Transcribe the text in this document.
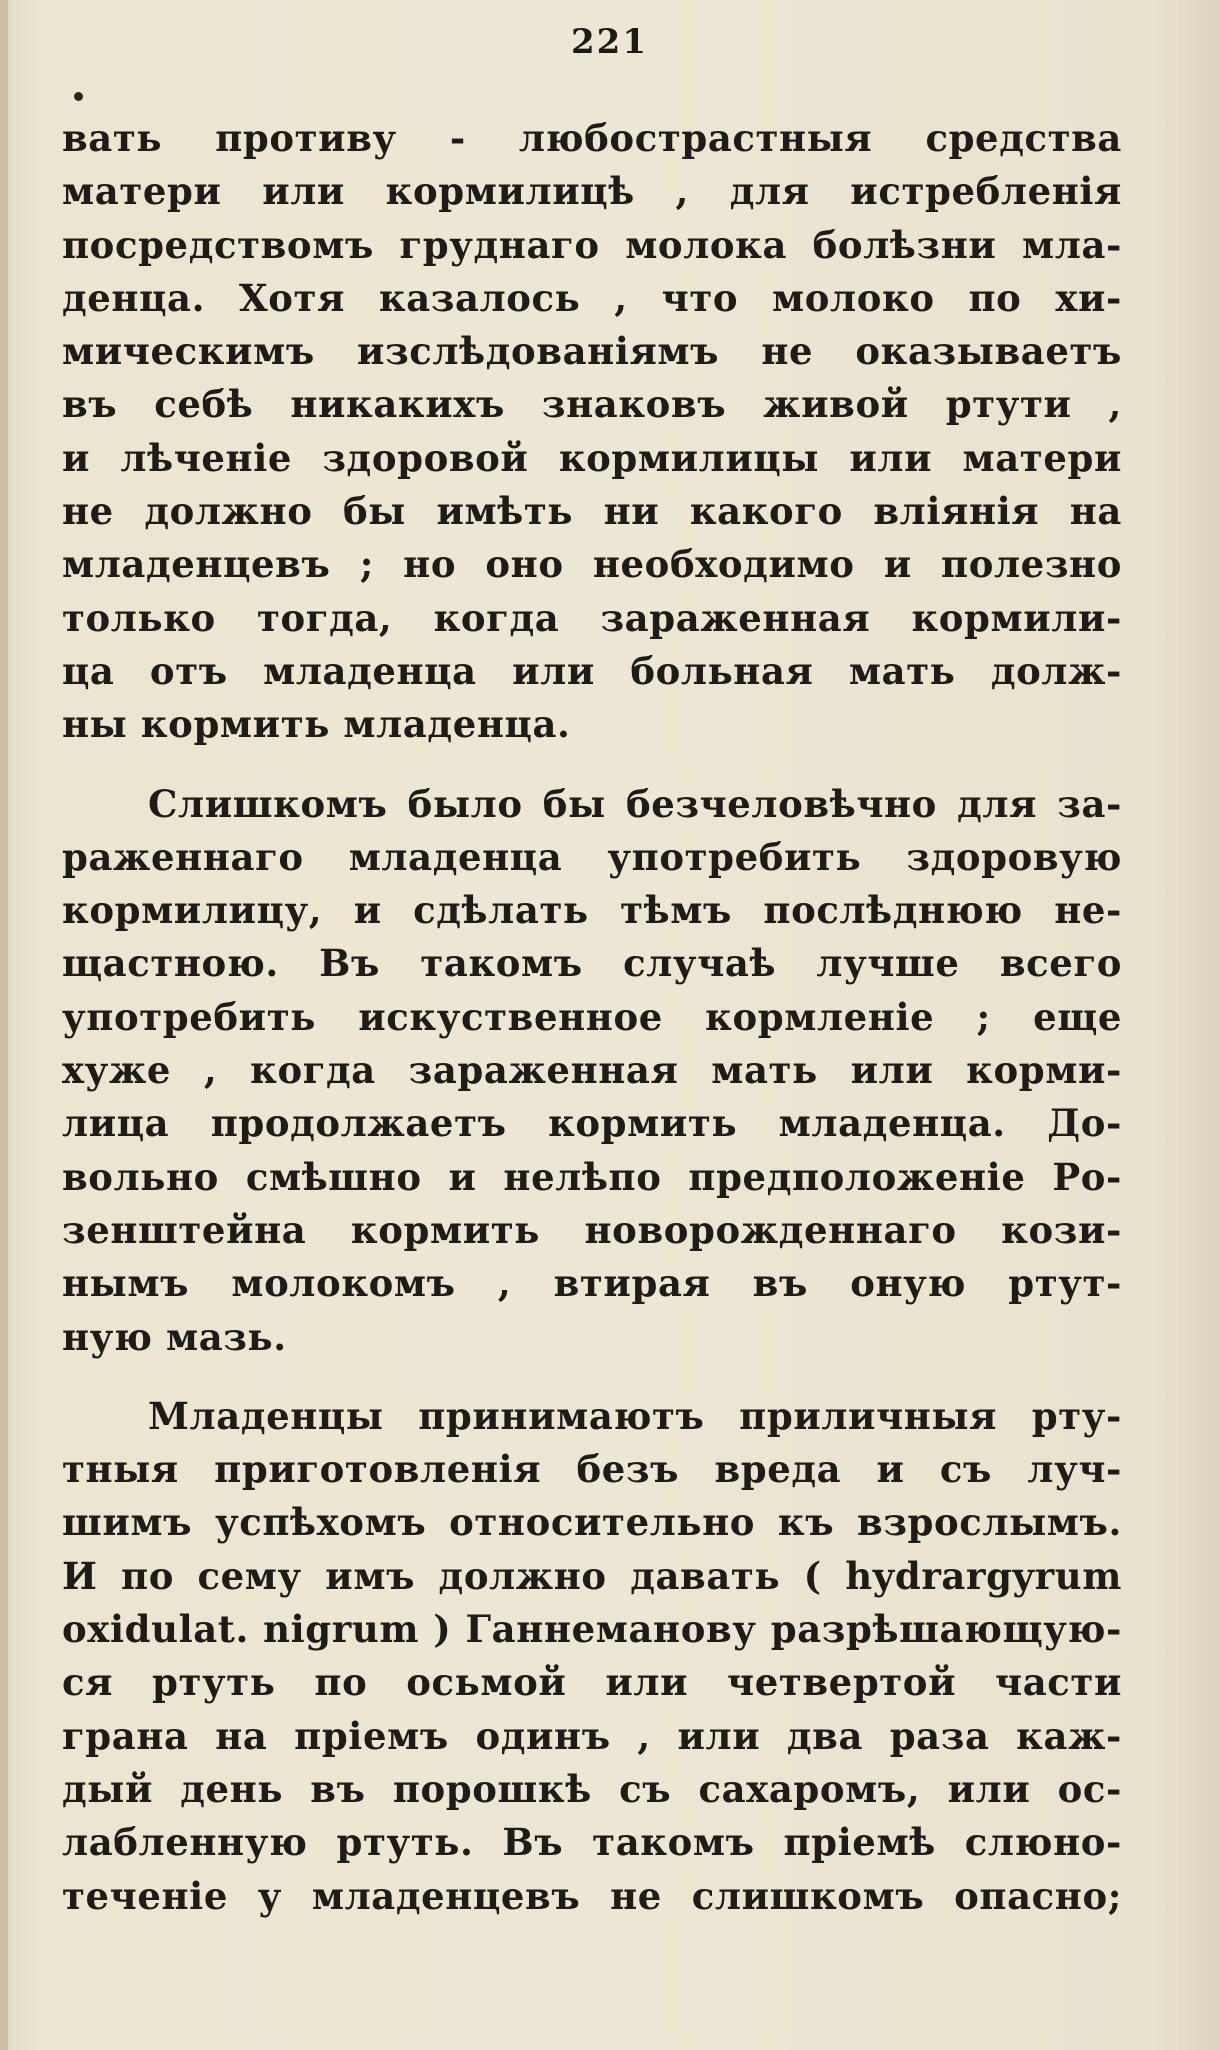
221
вать противу - любострастныя средства
матери или кормилицѣ , для истребленія
посредствомъ груднаго молока болѣзни мла-
денца. Хотя казалось , что молоко по хи-
мическимъ изслѣдованіямъ не оказываетъ
въ себѣ никакихъ знаковъ живой ртути ,
и лѣченіе здоровой кормилицы или матери
не должно бы имѣть ни какого вліянія на
младенцевъ ; но оно необходимо и полезно
только тогда, когда зараженная кормили-
ца отъ младенца или больная мать долж-
ны кормить младенца.
Слишкомъ было бы безчеловѣчно для за-
раженнаго младенца употребить здоровую
кормилицу, и сдѣлать тѣмъ послѣднюю не-
щастною. Въ такомъ случаѣ лучше всего
употребить искуственное кормленіе ; еще
хуже , когда зараженная мать или корми-
лица продолжаетъ кормить младенца. До-
вольно смѣшно и нелѣпо предположеніе Ро-
зенштейна кормить новорожденнаго кози-
нымъ молокомъ , втирая въ оную ртут-
ную мазь.
Младенцы принимаютъ приличныя рту-
тныя приготовленія безъ вреда и съ луч-
шимъ успѣхомъ относительно къ взрослымъ.
И по сему имъ должно давать ( hydrargyrum
oxidulat. nigrum ) Ганнеманову разрѣшающую-
ся ртуть по осьмой или четвертой части
грана на пріемъ одинъ , или два раза каж-
дый день въ порошкѣ съ сахаромъ, или ос-
лабленную ртуть. Въ такомъ пріемѣ слюно-
теченіе у младенцевъ не слишкомъ опасно;
